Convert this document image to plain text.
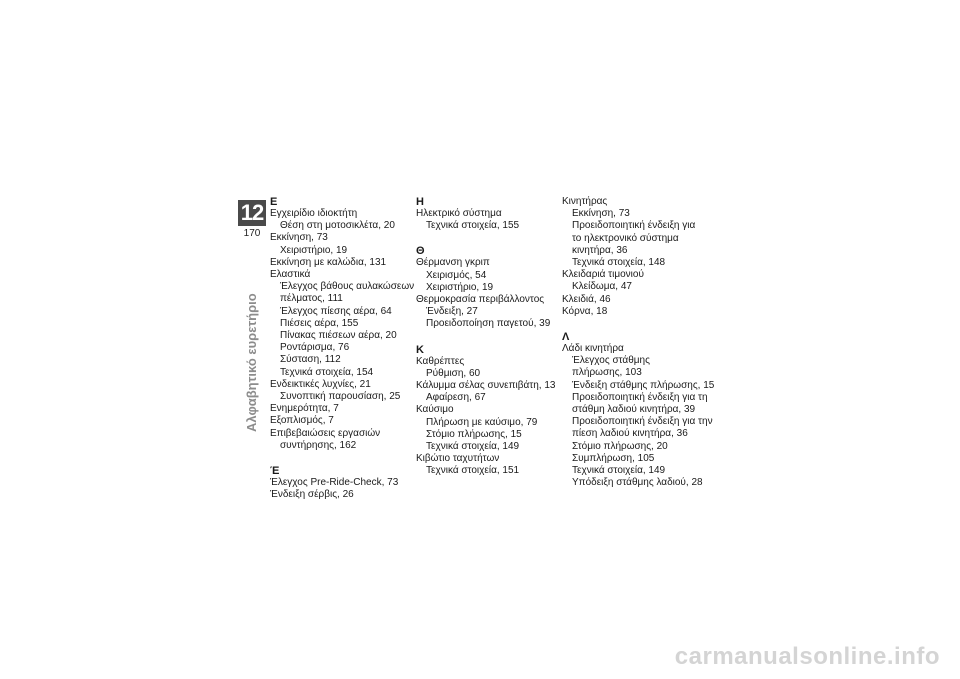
12
170
Αλφαβητικό ευρετήριο
Ε
Εγχειρίδιο ιδιοκτήτη
Θέση στη μοτοσικλέτα, 20
Εκκίνηση, 73
Χειριστήριο, 19
Εκκίνηση με καλώδια, 131
Ελαστικά
Έλεγχος βάθους αυλακώσεων
πέλματος, 111
Έλεγχος πίεσης αέρα, 64
Πιέσεις αέρα, 155
Πίνακας πιέσεων αέρα, 20
Ροντάρισμα, 76
Σύσταση, 112
Τεχνικά στοιχεία, 154
Ενδεικτικές λυχνίες, 21
Συνοπτική παρουσίαση, 25
Ενημερότητα, 7
Εξοπλισμός, 7
Επιβεβαιώσεις εργασιών
συντήρησης, 162
Έ
Έλεγχος Pre-Ride-Check, 73
Ένδειξη σέρβις, 26
Η
Ηλεκτρικό σύστημα
Τεχνικά στοιχεία, 155
Θ
Θέρμανση γκριπ
Χειρισμός, 54
Χειριστήριο, 19
Θερμοκρασία περιβάλλοντος
Ένδειξη, 27
Προειδοποίηση παγετού, 39
Κ
Καθρέπτες
Ρύθμιση, 60
Κάλυμμα σέλας συνεπιβάτη, 13
Αφαίρεση, 67
Καύσιμο
Πλήρωση με καύσιμο, 79
Στόμιο πλήρωσης, 15
Τεχνικά στοιχεία, 149
Κιβώτιο ταχυτήτων
Τεχνικά στοιχεία, 151
Κινητήρας
Εκκίνηση, 73
Προειδοποιητική ένδειξη για
το ηλεκτρονικό σύστημα
κινητήρα, 36
Τεχνικά στοιχεία, 148
Κλειδαριά τιμονιού
Κλείδωμα, 47
Κλειδιά, 46
Κόρνα, 18
Λ
Λάδι κινητήρα
Έλεγχος στάθμης
πλήρωσης, 103
Ένδειξη στάθμης πλήρωσης, 15
Προειδοποιητική ένδειξη για τη
στάθμη λαδιού κινητήρα, 39
Προειδοποιητική ένδειξη για την
πίεση λαδιού κινητήρα, 36
Στόμιο πλήρωσης, 20
Συμπλήρωση, 105
Τεχνικά στοιχεία, 149
Υπόδειξη στάθμης λαδιού, 28
carmanualsonline.info
